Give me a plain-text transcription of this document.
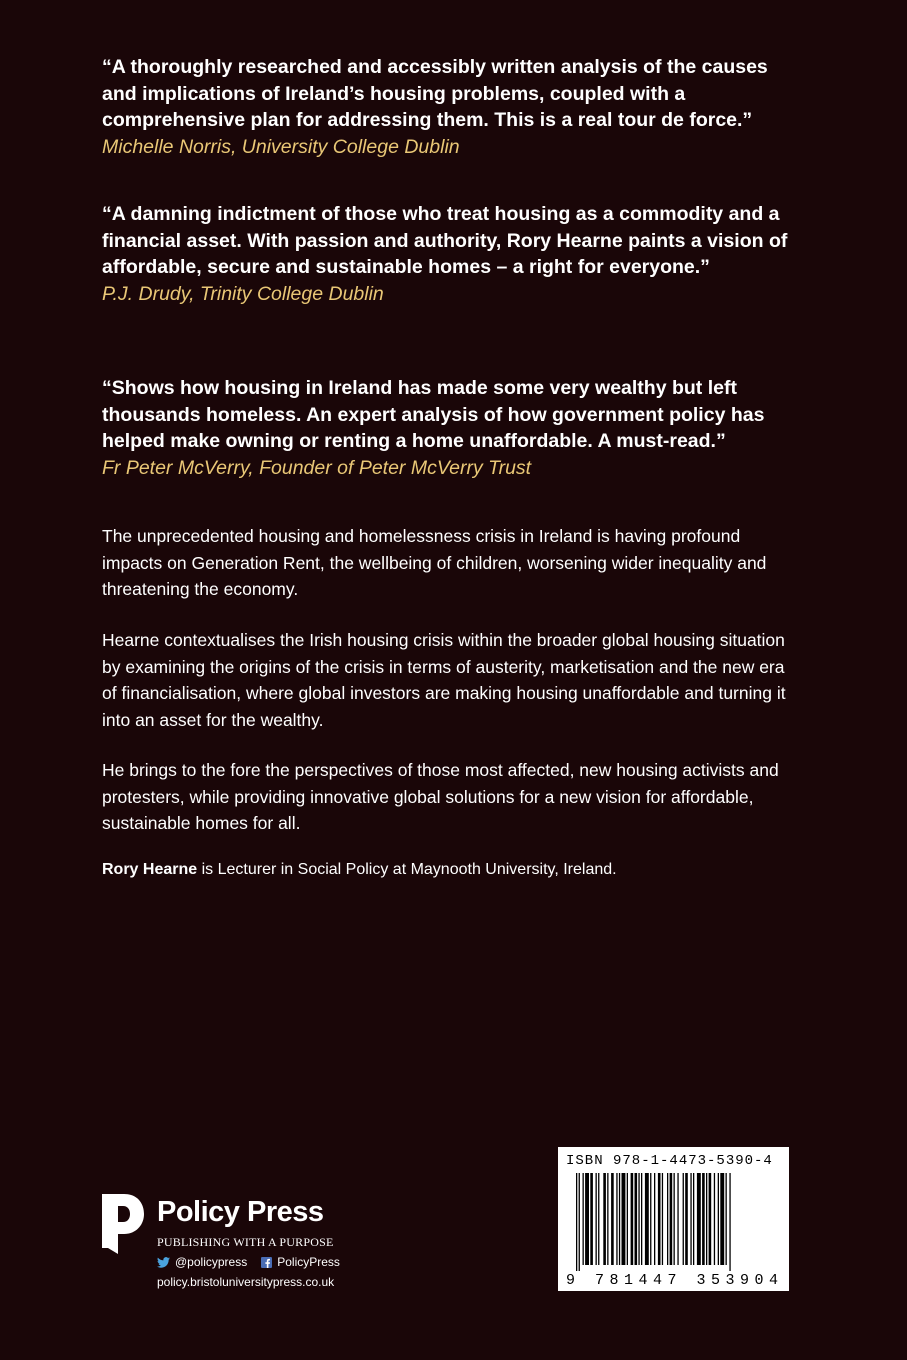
“A thoroughly researched and accessibly written analysis of the causes and implications of Ireland’s housing problems, coupled with a comprehensive plan for addressing them. This is a real tour de force.”

Michelle Norris, University College Dublin

“A damning indictment of those who treat housing as a commodity and a financial asset. With passion and authority, Rory Hearne paints a vision of affordable, secure and sustainable homes – a right for everyone.”

P.J. Drudy, Trinity College Dublin

“Shows how housing in Ireland has made some very wealthy but left thousands homeless. An expert analysis of how government policy has helped make owning or renting a home unaffordable. A must-read.”

Fr Peter McVerry, Founder of Peter McVerry Trust

The unprecedented housing and homelessness crisis in Ireland is having profound impacts on Generation Rent, the wellbeing of children, worsening wider inequality and threatening the economy.

Hearne contextualises the Irish housing crisis within the broader global housing situation by examining the origins of the crisis in terms of austerity, marketisation and the new era of financialisation, where global investors are making housing unaffordable and turning it into an asset for the wealthy.

He brings to the fore the perspectives of those most affected, new housing activists and protesters, while providing innovative global solutions for a new vision for affordable, sustainable homes for all.

Rory Hearne is Lecturer in Social Policy at Maynooth University, Ireland.

Policy Press
PUBLISHING WITH A PURPOSE
@policypress	PolicyPress
policy.bristoluniversitypress.co.uk
ISBN 978-1-4473-5390-4
9 781447 353904
